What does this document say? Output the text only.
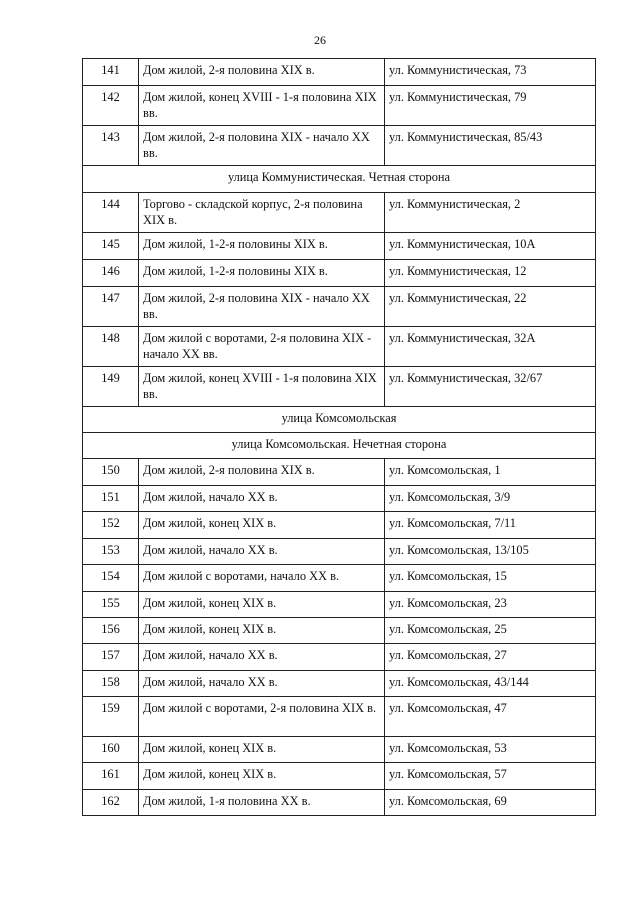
26
141	Дом жилой, 2-я половина XIX в.	ул. Коммунистическая, 73
142	Дом жилой, конец XVIII - 1-я половина XIX вв.	ул. Коммунистическая, 79
143	Дом жилой, 2-я половина XIX - начало XX вв.	ул. Коммунистическая, 85/43
улица Коммунистическая. Четная сторона		
144	Торгово - складской корпус, 2-я половина XIX в.	ул. Коммунистическая, 2
145	Дом жилой, 1-2-я половины XIX в.	ул. Коммунистическая, 10А
146	Дом жилой, 1-2-я половины XIX в.	ул. Коммунистическая, 12
147	Дом жилой, 2-я половина XIX - начало XX вв.	ул. Коммунистическая, 22
148	Дом жилой с воротами, 2-я половина XIX - начало XX вв.	ул. Коммунистическая, 32А
149	Дом жилой, конец XVIII - 1-я половина XIX вв.	ул. Коммунистическая, 32/67
улица Комсомольская		
улица Комсомольская. Нечетная сторона		
150	Дом жилой, 2-я половина XIX в.	ул. Комсомольская, 1
151	Дом жилой, начало XX в.	ул. Комсомольская, 3/9
152	Дом жилой, конец XIX в.	ул. Комсомольская, 7/11
153	Дом жилой, начало XX в.	ул. Комсомольская, 13/105
154	Дом жилой с воротами, начало XX в.	ул. Комсомольская, 15
155	Дом жилой, конец XIX в.	ул. Комсомольская, 23
156	Дом жилой, конец XIX в.	ул. Комсомольская, 25
157	Дом жилой, начало XX в.	ул. Комсомольская, 27
158	Дом жилой, начало XX в.	ул. Комсомольская, 43/144
159	Дом жилой с воротами, 2-я половина XIX в.	ул. Комсомольская, 47
160	Дом жилой, конец XIX в.	ул. Комсомольская, 53
161	Дом жилой, конец XIX в.	ул. Комсомольская, 57
162	Дом жилой, 1-я половина XX в.	ул. Комсомольская, 69
